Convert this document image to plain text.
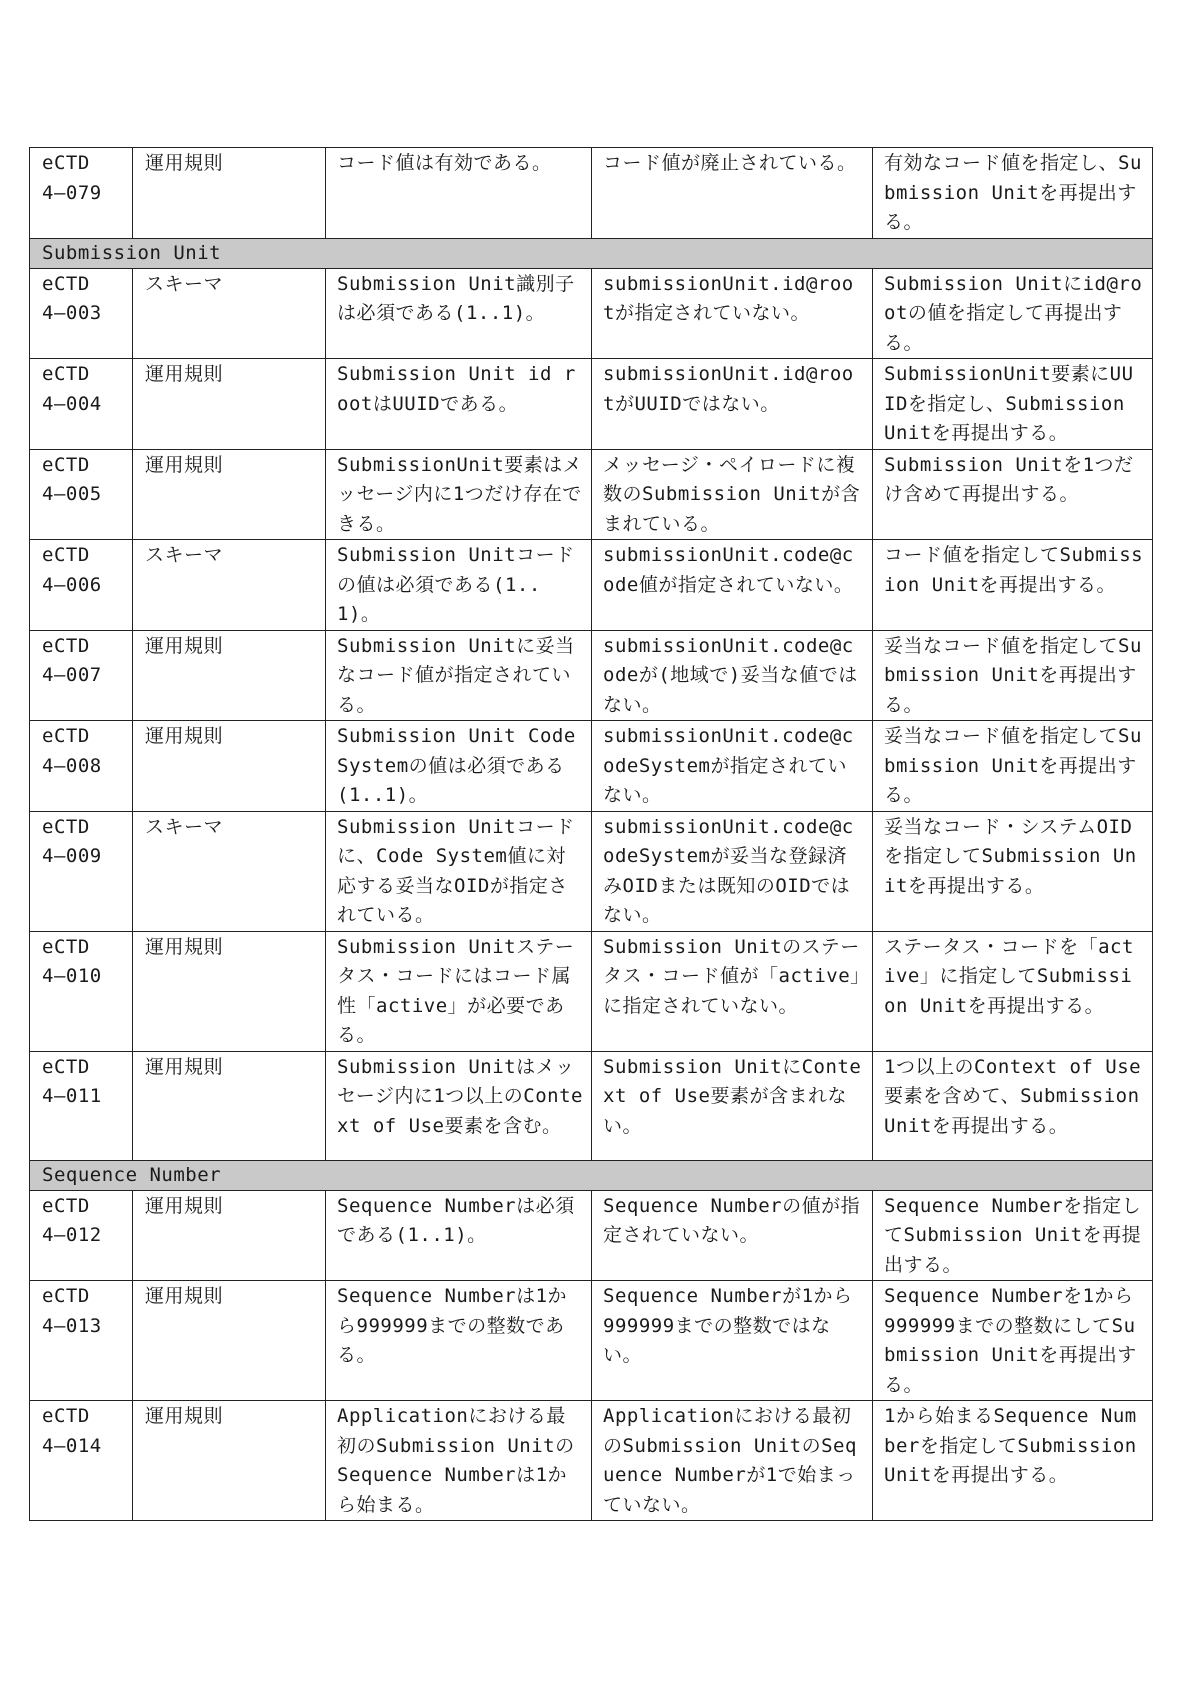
eCTD
4—079	運用規則	コード値は有効である。	コード値が廃止されている。	有効なコード値を指定し、Submission Unitを再提出する。
Submission Unit				

eCTD
4—003	スキーマ	Submission Unit識別子は必須である(1..1)。	submissionUnit.id@rootが指定されていない。	Submission Unitにid@rootの値を指定して再提出する。

eCTD
4—004	運用規則	Submission Unit id rootはUUIDである。	submissionUnit.id@rootがUUIDではない。	SubmissionUnit要素にUUIDを指定し、Submission Unitを再提出する。

eCTD
4—005	運用規則	SubmissionUnit要素はメッセージ内に1つだけ存在できる。	メッセージ・ペイロードに複数のSubmission Unitが含まれている。	Submission Unitを1つだけ含めて再提出する。

eCTD
4—006	スキーマ	Submission Unitコードの値は必須である(1..1)。	submissionUnit.code@code値が指定されていない。	コード値を指定してSubmission Unitを再提出する。

eCTD
4—007	運用規則	Submission Unitに妥当なコード値が指定されている。	submissionUnit.code@codeが(地域で)妥当な値ではない。	妥当なコード値を指定してSubmission Unitを再提出する。

eCTD
4—008	運用規則	Submission Unit Code Systemの値は必須である(1..1)。	submissionUnit.code@codeSystemが指定されていない。	妥当なコード値を指定してSubmission Unitを再提出する。

eCTD
4—009	スキーマ	Submission Unitコードに、Code System値に対応する妥当なOIDが指定されている。	submissionUnit.code@codeSystemが妥当な登録済みOIDまたは既知のOIDではない。	妥当なコード・システムOIDを指定してSubmission Unitを再提出する。

eCTD
4—010	運用規則	Submission Unitステータス・コードにはコード属性「active」が必要である。	Submission Unitのステータス・コード値が「active」に指定されていない。	ステータス・コードを「active」に指定してSubmission Unitを再提出する。

eCTD
4—011	運用規則	Submission Unitはメッセージ内に1つ以上のContext of Use要素を含む。	Submission UnitにContext of Use要素が含まれない。	1つ以上のContext of Use要素を含めて、Submission Unitを再提出する。
Sequence Number				

eCTD
4—012	運用規則	Sequence Numberは必須である(1..1)。	Sequence Numberの値が指定されていない。	Sequence Numberを指定してSubmission Unitを再提出する。

eCTD
4—013	運用規則	Sequence Numberは1から999999までの整数である。	Sequence Numberが1から999999までの整数ではない。	Sequence Numberを1から999999までの整数にしてSubmission Unitを再提出する。

eCTD
4—014	運用規則	Applicationにおける最初のSubmission UnitのSequence Numberは1から始まる。	Applicationにおける最初のSubmission UnitのSequence Numberが1で始まっていない。	1から始まるSequence Numberを指定してSubmission Unitを再提出する。
